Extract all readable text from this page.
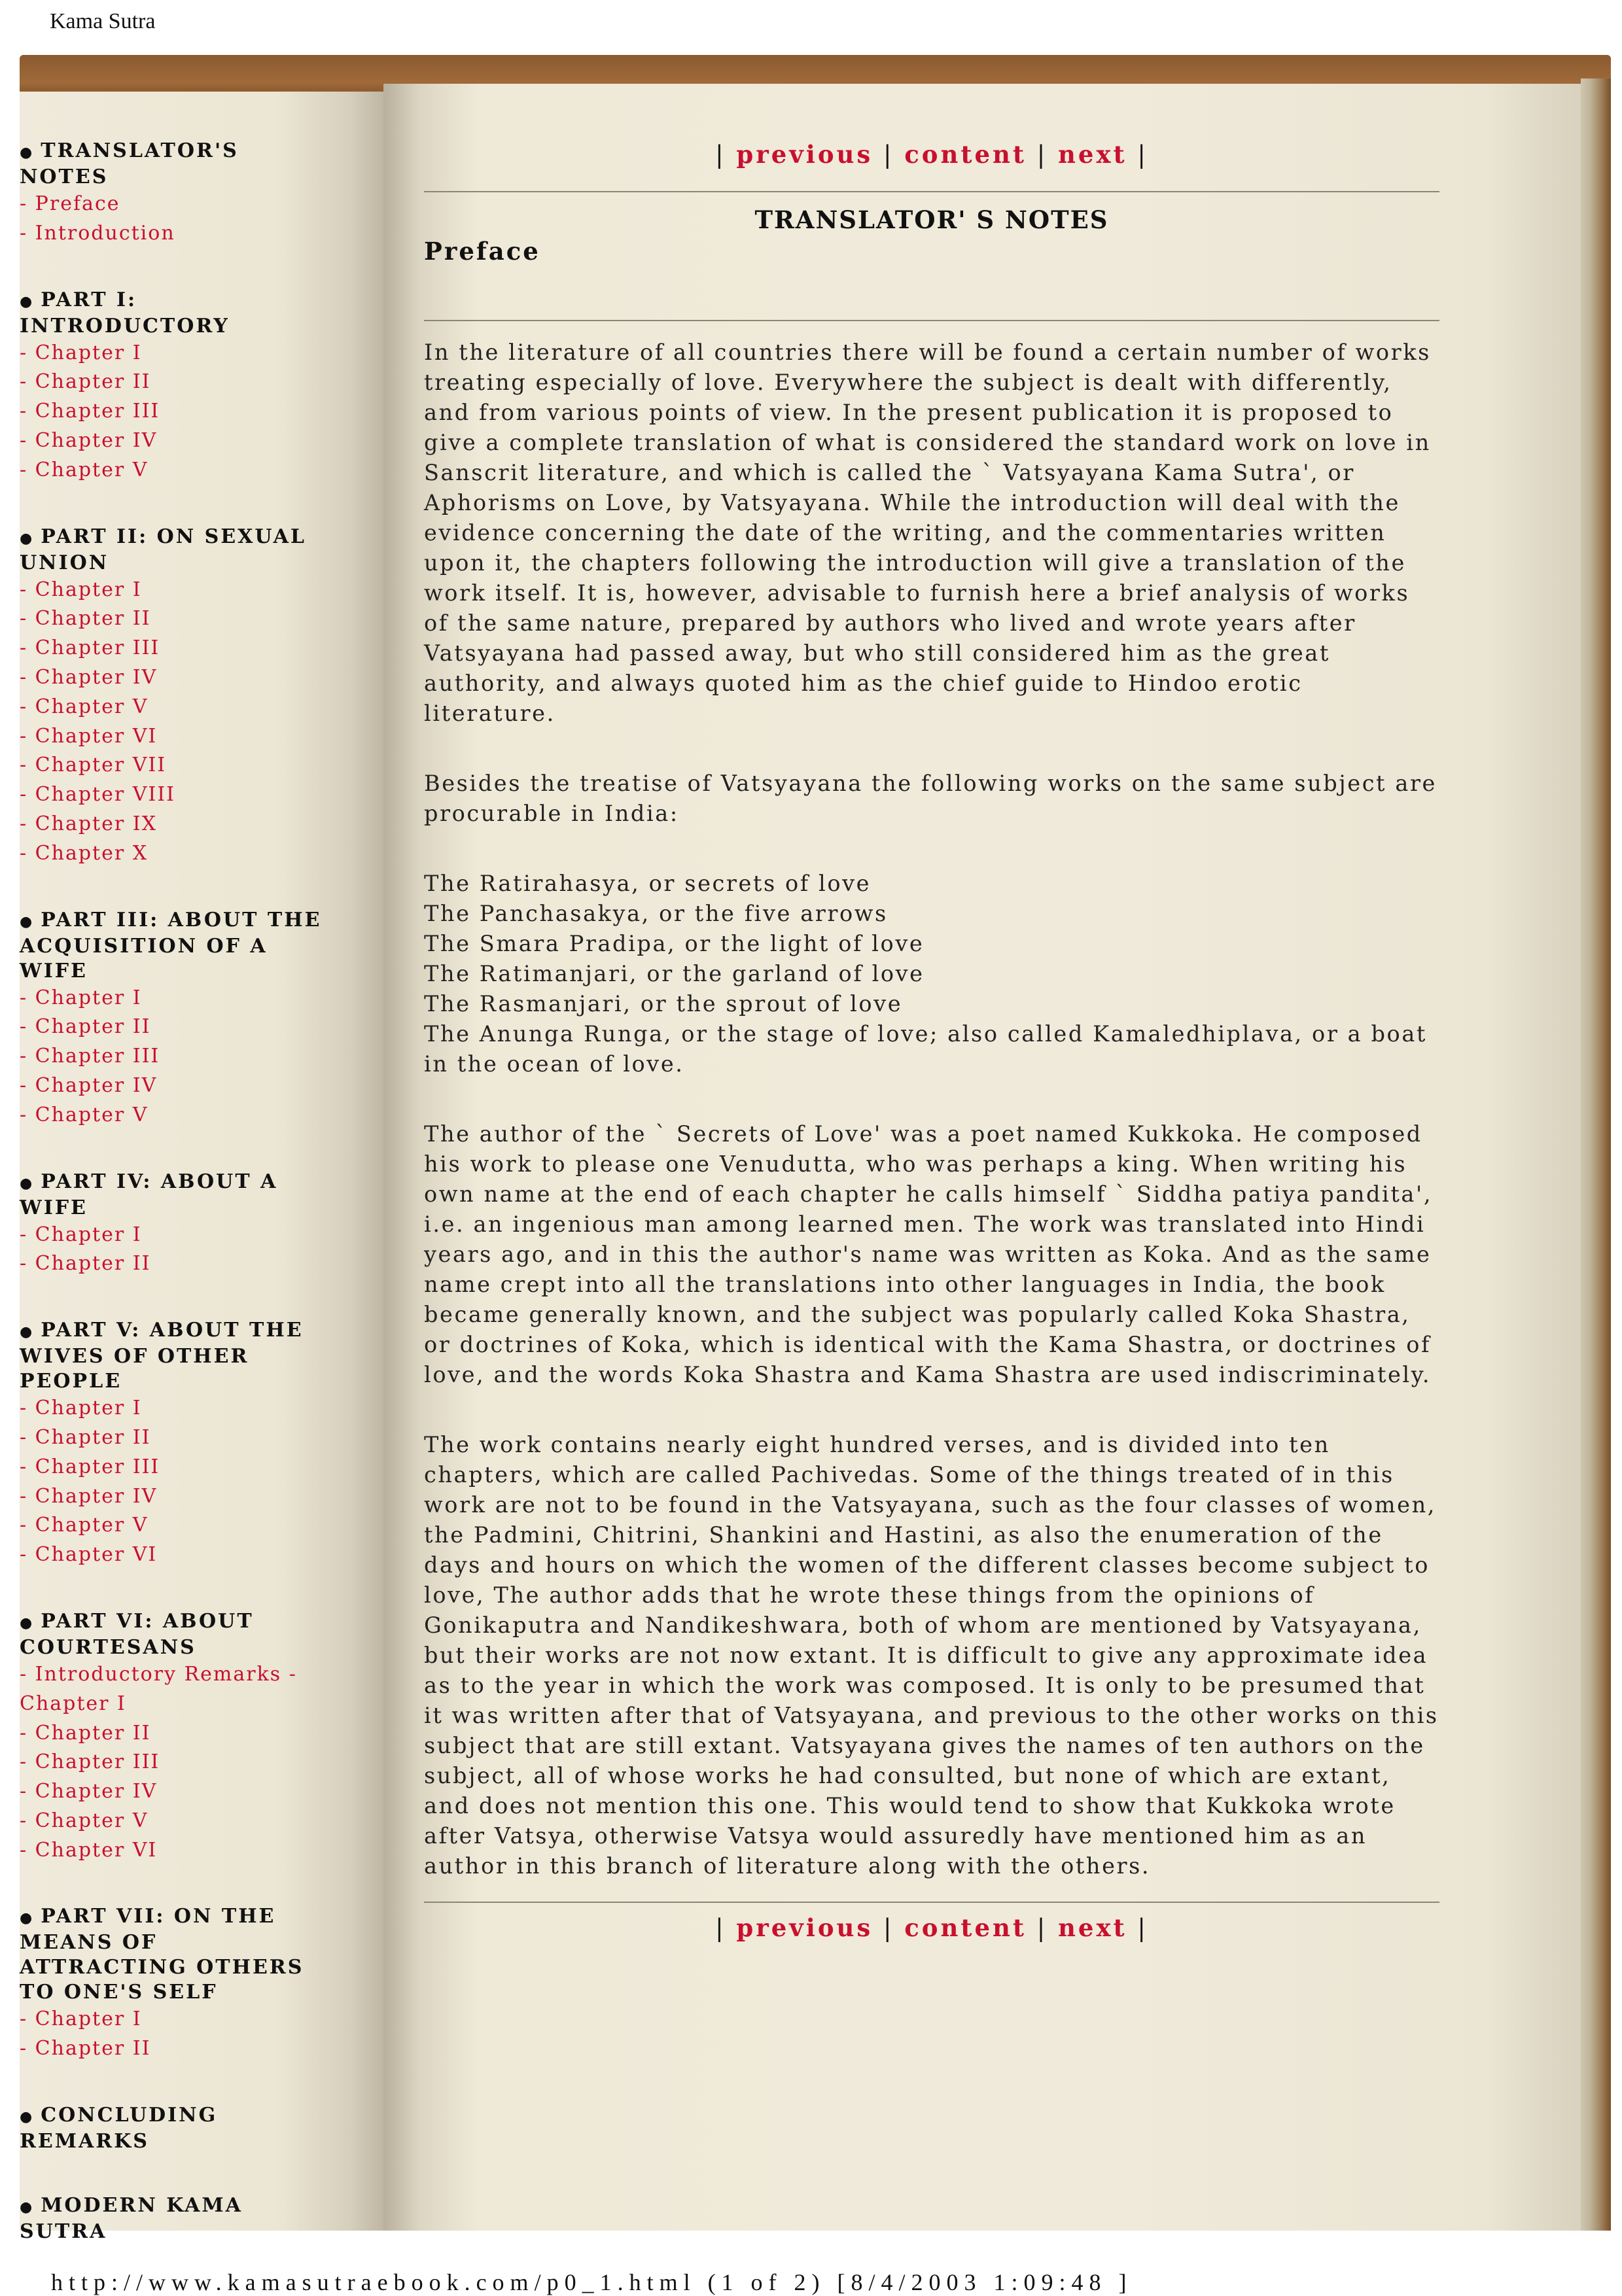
Kama Sutra
● TRANSLATOR'S NOTES
- Preface
- Introduction
● PART I: INTRODUCTORY
- Chapter I
- Chapter II
- Chapter III
- Chapter IV
- Chapter V
● PART II: ON SEXUAL UNION
- Chapter I
- Chapter II
- Chapter III
- Chapter IV
- Chapter V
- Chapter VI
- Chapter VII
- Chapter VIII
- Chapter IX
- Chapter X
● PART III: ABOUT THE ACQUISITION OF A WIFE
- Chapter I
- Chapter II
- Chapter III
- Chapter IV
- Chapter V
● PART IV: ABOUT A WIFE
- Chapter I
- Chapter II
● PART V: ABOUT THE WIVES OF OTHER PEOPLE
- Chapter I
- Chapter II
- Chapter III
- Chapter IV
- Chapter V
- Chapter VI
● PART VI: ABOUT COURTESANS
- Introductory Remarks -
Chapter I
- Chapter II
- Chapter III
- Chapter IV
- Chapter V
- Chapter VI
● PART VII: ON THE MEANS OF ATTRACTING OTHERS TO ONE'S SELF
- Chapter I
- Chapter II
● CONCLUDING REMARKS
● MODERN KAMA SUTRA
| previous | content | next |
TRANSLATOR' S NOTES
Preface

In the literature of all countries there will be found a certain number of works treating especially of love. Everywhere the subject is dealt with differently, and from various points of view. In the present publication it is proposed to give a complete translation of what is considered the standard work on love in Sanscrit literature, and which is called the ` Vatsyayana Kama Sutra', or Aphorisms on Love, by Vatsyayana. While the introduction will deal with the evidence concerning the date of the writing, and the commentaries written upon it, the chapters following the introduction will give a translation of the work itself. It is, however, advisable to furnish here a brief analysis of works of the same nature, prepared by authors who lived and wrote years after Vatsyayana had passed away, but who still considered him as the great authority, and always quoted him as the chief guide to Hindoo erotic literature.

Besides the treatise of Vatsyayana the following works on the same subject are procurable in India:

The Ratirahasya, or secrets of love
The Panchasakya, or the five arrows
The Smara Pradipa, or the light of love
The Ratimanjari, or the garland of love
The Rasmanjari, or the sprout of love
The Anunga Runga, or the stage of love; also called Kamaledhiplava, or a boat in the ocean of love.

The author of the ` Secrets of Love' was a poet named Kukkoka. He composed his work to please one Venudutta, who was perhaps a king. When writing his own name at the end of each chapter he calls himself ` Siddha patiya pandita', i.e. an ingenious man among learned men. The work was translated into Hindi years ago, and in this the author's name was written as Koka. And as the same name crept into all the translations into other languages in India, the book became generally known, and the subject was popularly called Koka Shastra, or doctrines of Koka, which is identical with the Kama Shastra, or doctrines of love, and the words Koka Shastra and Kama Shastra are used indiscriminately.

The work contains nearly eight hundred verses, and is divided into ten chapters, which are called Pachivedas. Some of the things treated of in this work are not to be found in the Vatsyayana, such as the four classes of women, the Padmini, Chitrini, Shankini and Hastini, as also the enumeration of the days and hours on which the women of the different classes become subject to love, The author adds that he wrote these things from the opinions of Gonikaputra and Nandikeshwara, both of whom are mentioned by Vatsyayana, but their works are not now extant. It is difficult to give any approximate idea as to the year in which the work was composed. It is only to be presumed that it was written after that of Vatsyayana, and previous to the other works on this subject that are still extant. Vatsyayana gives the names of ten authors on the subject, all of whose works he had consulted, but none of which are extant, and does not mention this one. This would tend to show that Kukkoka wrote after Vatsya, otherwise Vatsya would assuredly have mentioned him as an author in this branch of literature along with the others.

| previous | content | next |
http://www.kamasutraebook.com/p0_1.html (1 of 2) [8/4/2003 1:09:48 ]
